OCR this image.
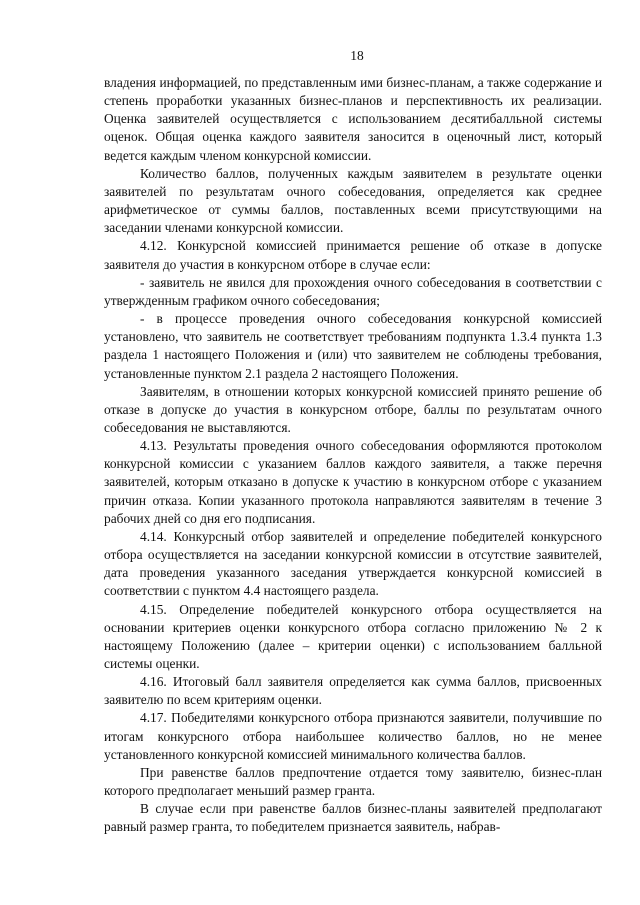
18

владения информацией, по представленным ими бизнес-планам, а также содержание и степень проработки указанных бизнес-планов и перспективность их реализации. Оценка заявителей осуществляется с использованием десятибалльной системы оценок. Общая оценка каждого заявителя заносится в оценочный лист, который ведется каждым членом конкурсной комиссии.

Количество баллов, полученных каждым заявителем в результате оценки заявителей по результатам очного собеседования, определяется как среднее арифметическое от суммы баллов, поставленных всеми присутствующими на заседании членами конкурсной комиссии.

4.12. Конкурсной комиссией принимается решение об отказе в допуске заявителя до участия в конкурсном отборе в случае если:

- заявитель не явился для прохождения очного собеседования в соответствии с утвержденным графиком очного собеседования;

- в процессе проведения очного собеседования конкурсной комиссией установлено, что заявитель не соответствует требованиям подпункта 1.3.4 пункта 1.3 раздела 1 настоящего Положения и (или) что заявителем не соблюдены требования, установленные пунктом 2.1 раздела 2 настоящего Положения.

Заявителям, в отношении которых конкурсной комиссией принято решение об отказе в допуске до участия в конкурсном отборе, баллы по результатам очного собеседования не выставляются.

4.13. Результаты проведения очного собеседования оформляются протоколом конкурсной комиссии с указанием баллов каждого заявителя, а также перечня заявителей, которым отказано в допуске к участию в конкурсном отборе с указанием причин отказа. Копии указанного протокола направляются заявителям в течение 3 рабочих дней со дня его подписания.

4.14. Конкурсный отбор заявителей и определение победителей конкурсного отбора осуществляется на заседании конкурсной комиссии в отсутствие заявителей, дата проведения указанного заседания утверждается конкурсной комиссией в соответствии с пунктом 4.4 настоящего раздела.

4.15. Определение победителей конкурсного отбора осуществляется на основании критериев оценки конкурсного отбора согласно приложению № 2 к настоящему Положению (далее – критерии оценки) с использованием балльной системы оценки.

4.16. Итоговый балл заявителя определяется как сумма баллов, присвоенных заявителю по всем критериям оценки.

4.17. Победителями конкурсного отбора признаются заявители, получившие по итогам конкурсного отбора наибольшее количество баллов, но не менее установленного конкурсной комиссией минимального количества баллов.

При равенстве баллов предпочтение отдается тому заявителю, бизнес-план которого предполагает меньший размер гранта.

В случае если при равенстве баллов бизнес-планы заявителей предполагают равный размер гранта, то победителем признается заявитель, набрав-
